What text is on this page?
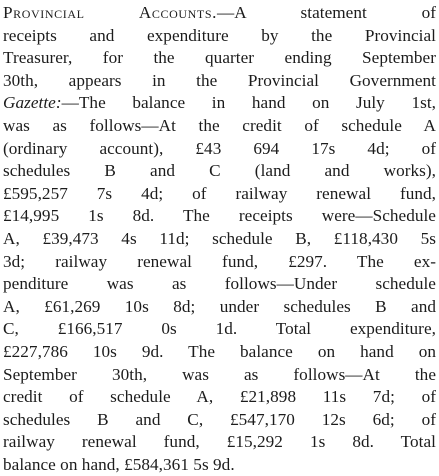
Provincial Accounts.—A statement of
receipts and expenditure by the Provincial
Treasurer, for the quarter ending September
30th, appears in the Provincial Government
Gazette:—The balance in hand on July 1st,
was as follows—At the credit of schedule A
(ordinary account), £43 694 17s 4d; of
schedules B and C (land and works),
£595,257 7s 4d; of railway renewal fund,
£14,995 1s 8d. The receipts were—Schedule
A, £39,473 4s 11d; schedule B, £118,430 5s
3d; railway renewal fund, £297. The ex-
penditure was as follows—Under schedule
A, £61,269 10s 8d; under schedules B and
C, £166,517 0s 1d. Total expenditure,
£227,786 10s 9d. The balance on hand on
September 30th, was as follows—At the
credit of schedule A, £21,898 11s 7d; of
schedules B and C, £547,170 12s 6d; of
railway renewal fund, £15,292 1s 8d. Total
balance on hand, £584,361 5s 9d.
